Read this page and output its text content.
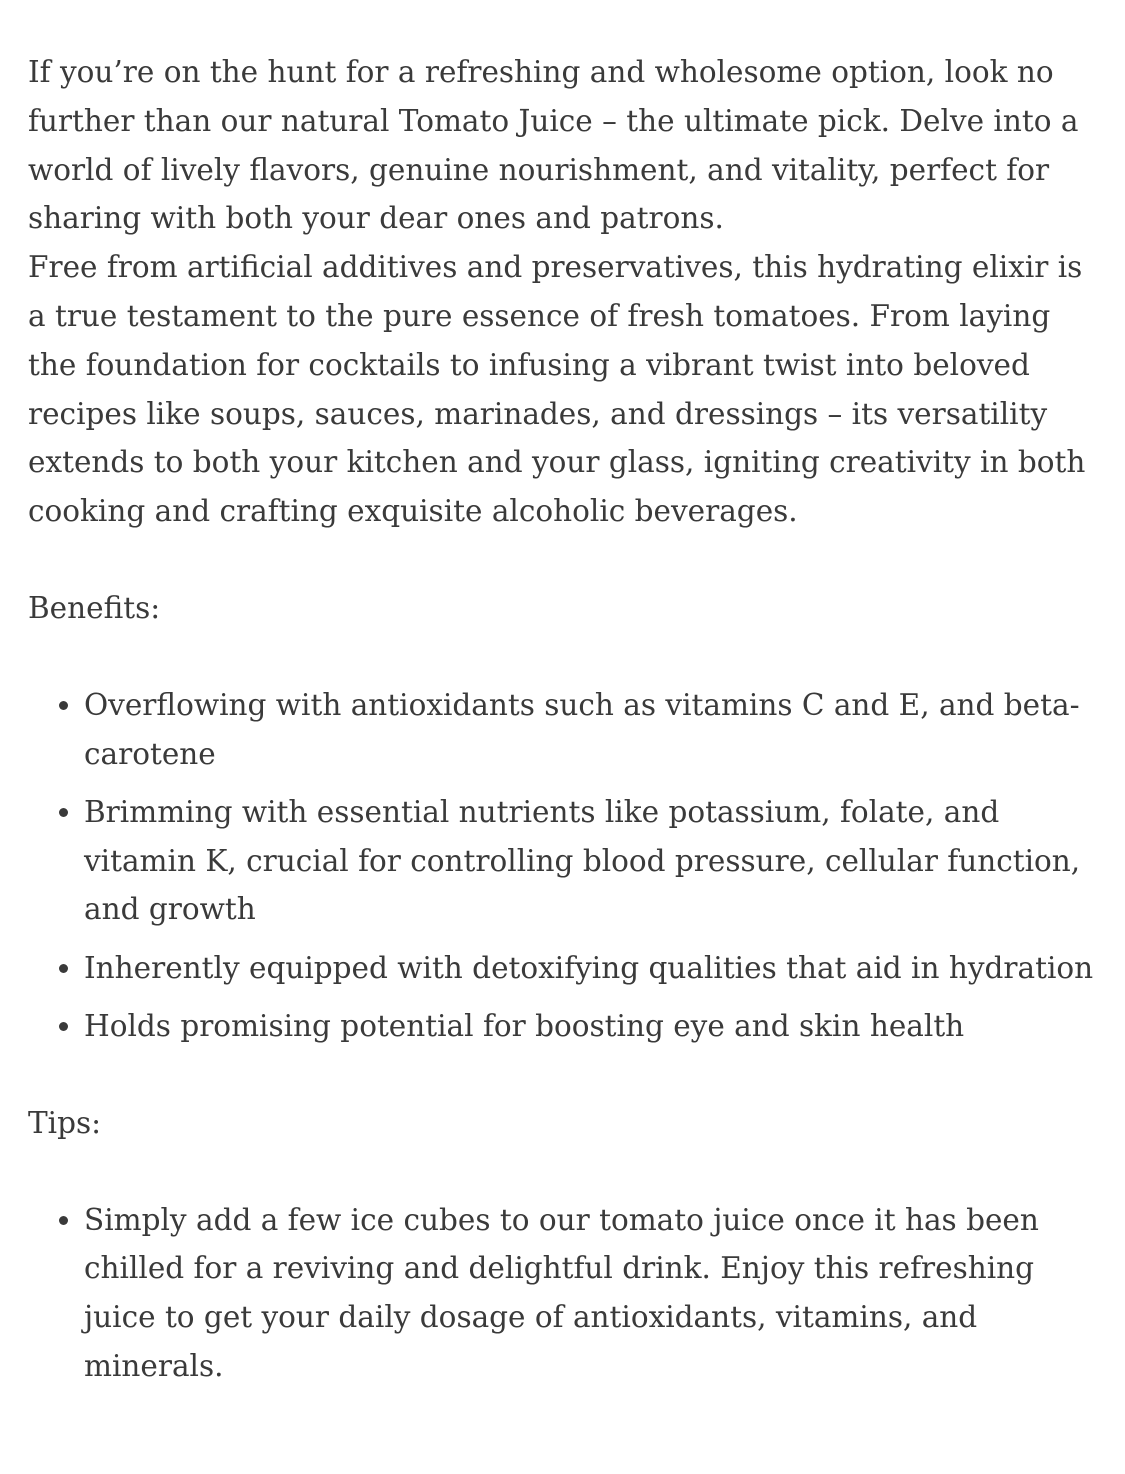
If you’re on the hunt for a refreshing and wholesome option, look no further than our natural Tomato Juice – the ultimate pick. Delve into a world of lively flavors, genuine nourishment, and vitality, perfect for sharing with both your dear ones and patrons.

Free from artificial additives and preservatives, this hydrating elixir is a true testament to the pure essence of fresh tomatoes. From laying the foundation for cocktails to infusing a vibrant twist into beloved recipes like soups, sauces, marinades, and dressings – its versatility extends to both your kitchen and your glass, igniting creativity in both cooking and crafting exquisite alcoholic beverages.

Benefits:

• Overflowing with antioxidants such as vitamins C and E, and beta-carotene
• Brimming with essential nutrients like potassium, folate, and vitamin K, crucial for controlling blood pressure, cellular function, and growth
• Inherently equipped with detoxifying qualities that aid in hydration
• Holds promising potential for boosting eye and skin health

Tips:

• Simply add a few ice cubes to our tomato juice once it has been chilled for a reviving and delightful drink. Enjoy this refreshing juice to get your daily dosage of antioxidants, vitamins, and minerals.
